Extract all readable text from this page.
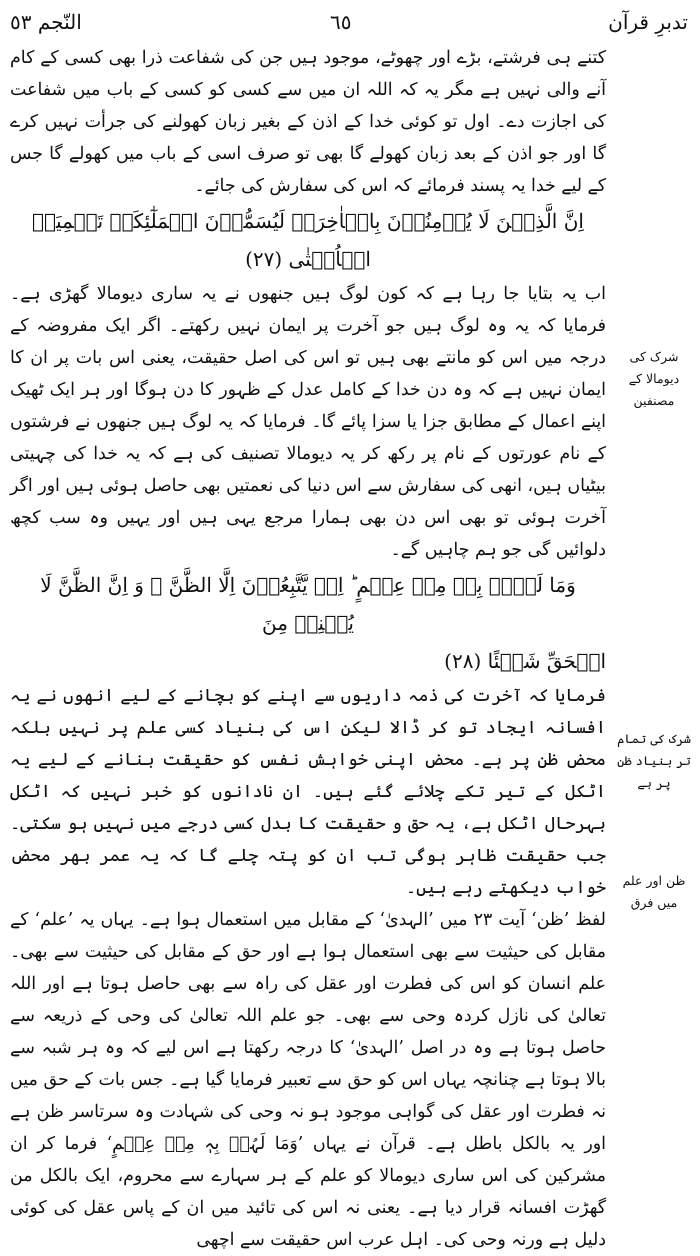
تدبرِ قرآن
٦٥
النّجم ٥٣

کتنے ہی فرشتے، بڑے اور چھوٹے، موجود ہیں جن کی شفاعت ذرا بھی کسی کے کام آنے والی نہیں ہے مگر یہ کہ اللہ ان میں سے کسی کو کسی کے باب میں شفاعت کی اجازت دے۔ اول تو کوئی خدا کے اذن کے بغیر زبان کھولنے کی جرأت نہیں کرے گا اور جو اذن کے بعد زبان کھولے گا بھی تو صرف اسی کے باب میں کھولے گا جس کے لیے خدا یہ پسند فرمائے کہ اس کی سفارش کی جائے۔

اِنَّ الَّذِیۡنَ لَا یُؤۡمِنُوۡنَ بِالۡاٰخِرَۃِ لَیُسَمُّوۡنَ الۡمَلٰٓئِکَۃَ تَسۡمِیَۃَ الۡاُنۡثٰی (۲۷)

اب یہ بتایا جا رہا ہے کہ کون لوگ ہیں جنھوں نے یہ ساری دیومالا گھڑی ہے۔ فرمایا کہ یہ وہ لوگ ہیں جو آخرت پر ایمان نہیں رکھتے۔ اگر ایک مفروضہ کے درجہ میں اس کو مانتے بھی ہیں تو اس کی اصل حقیقت، یعنی اس بات پر ان کا ایمان نہیں ہے کہ وہ دن خدا کے کامل عدل کے ظہور کا دن ہوگا اور ہر ایک ٹھیک اپنے اعمال کے مطابق جزا یا سزا پائے گا۔ فرمایا کہ یہ لوگ ہیں جنھوں نے فرشتوں کے نام عورتوں کے نام پر رکھ کر یہ دیومالا تصنیف کی ہے کہ یہ خدا کی چہیتی بیٹیاں ہیں، انھی کی سفارش سے اس دنیا کی نعمتیں بھی حاصل ہوئی ہیں اور اگر آخرت ہوئی تو بھی اس دن بھی ہمارا مرجع یہی ہیں اور یہیں وہ سب کچھ دلوائیں گی جو ہم چاہیں گے۔

وَمَا لَہُمۡ بِہٖ مِنۡ عِلۡمٍ ؕ اِنۡ یَّتَّبِعُوۡنَ اِلَّا الظَّنَّ ۚ وَ اِنَّ الظَّنَّ لَا یُغۡنِیۡ مِنَ

الۡحَقِّ شَیۡئًا (۲۸)

فرمایا کہ آخرت کی ذمہ داریوں سے اپنے کو بچانے کے لیے انھوں نے یہ افسانہ ایجاد تو کر ڈالا لیکن اس کی بنیاد کسی علم پر نہیں بلکہ محض ظن پر ہے۔ محض اپنی خواہش نفس کو حقیقت بنانے کے لیے یہ اٹکل کے تیر تکے چلائے گئے ہیں۔ ان نادانوں کو خبر نہیں کہ اٹکل بہرحال اٹکل ہے، یہ حق و حقیقت کا بدل کسی درجے میں نہیں ہو سکتی۔ جب حقیقت ظاہر ہوگی تب ان کو پتہ چلے گا کہ یہ عمر بھر محض خواب دیکھتے رہے ہیں۔

لفظ ’ظن‘ آیت ۲۳ میں ’الہدیٰ‘ کے مقابل میں استعمال ہوا ہے۔ یہاں یہ ’علم‘ کے مقابل کی حیثیت سے بھی استعمال ہوا ہے اور حق کے مقابل کی حیثیت سے بھی۔ علم انسان کو اس کی فطرت اور عقل کی راہ سے بھی حاصل ہوتا ہے اور اللہ تعالیٰ کی نازل کردہ وحی سے بھی۔ جو علم اللہ تعالیٰ کی وحی کے ذریعہ سے حاصل ہوتا ہے وہ در اصل ’الہدیٰ‘ کا درجہ رکھتا ہے اس لیے کہ وہ ہر شبہ سے بالا ہوتا ہے چنانچہ یہاں اس کو حق سے تعبیر فرمایا گیا ہے۔ جس بات کے حق میں نہ فطرت اور عقل کی گواہی موجود ہو نہ وحی کی شہادت وہ سرتاسر ظن ہے اور یہ بالکل باطل ہے۔ قرآن نے یہاں ’وَمَا لَہُمۡ بِہٖ مِنۡ عِلۡمٍ‘ فرما کر ان مشرکین کی اس ساری دیومالا کو علم کے ہر سہارے سے محروم، ایک بالکل من گھڑت افسانہ قرار دیا ہے۔ یعنی نہ اس کی تائید میں ان کے پاس عقل کی کوئی دلیل ہے ورنہ وحی کی۔ اہل عرب اس حقیقت سے اچھی

شرک کی دیومالا کے مصنفین
شرک کی تمام تر بنیاد ظن پر ہے
ظن اور علم میں فرق
